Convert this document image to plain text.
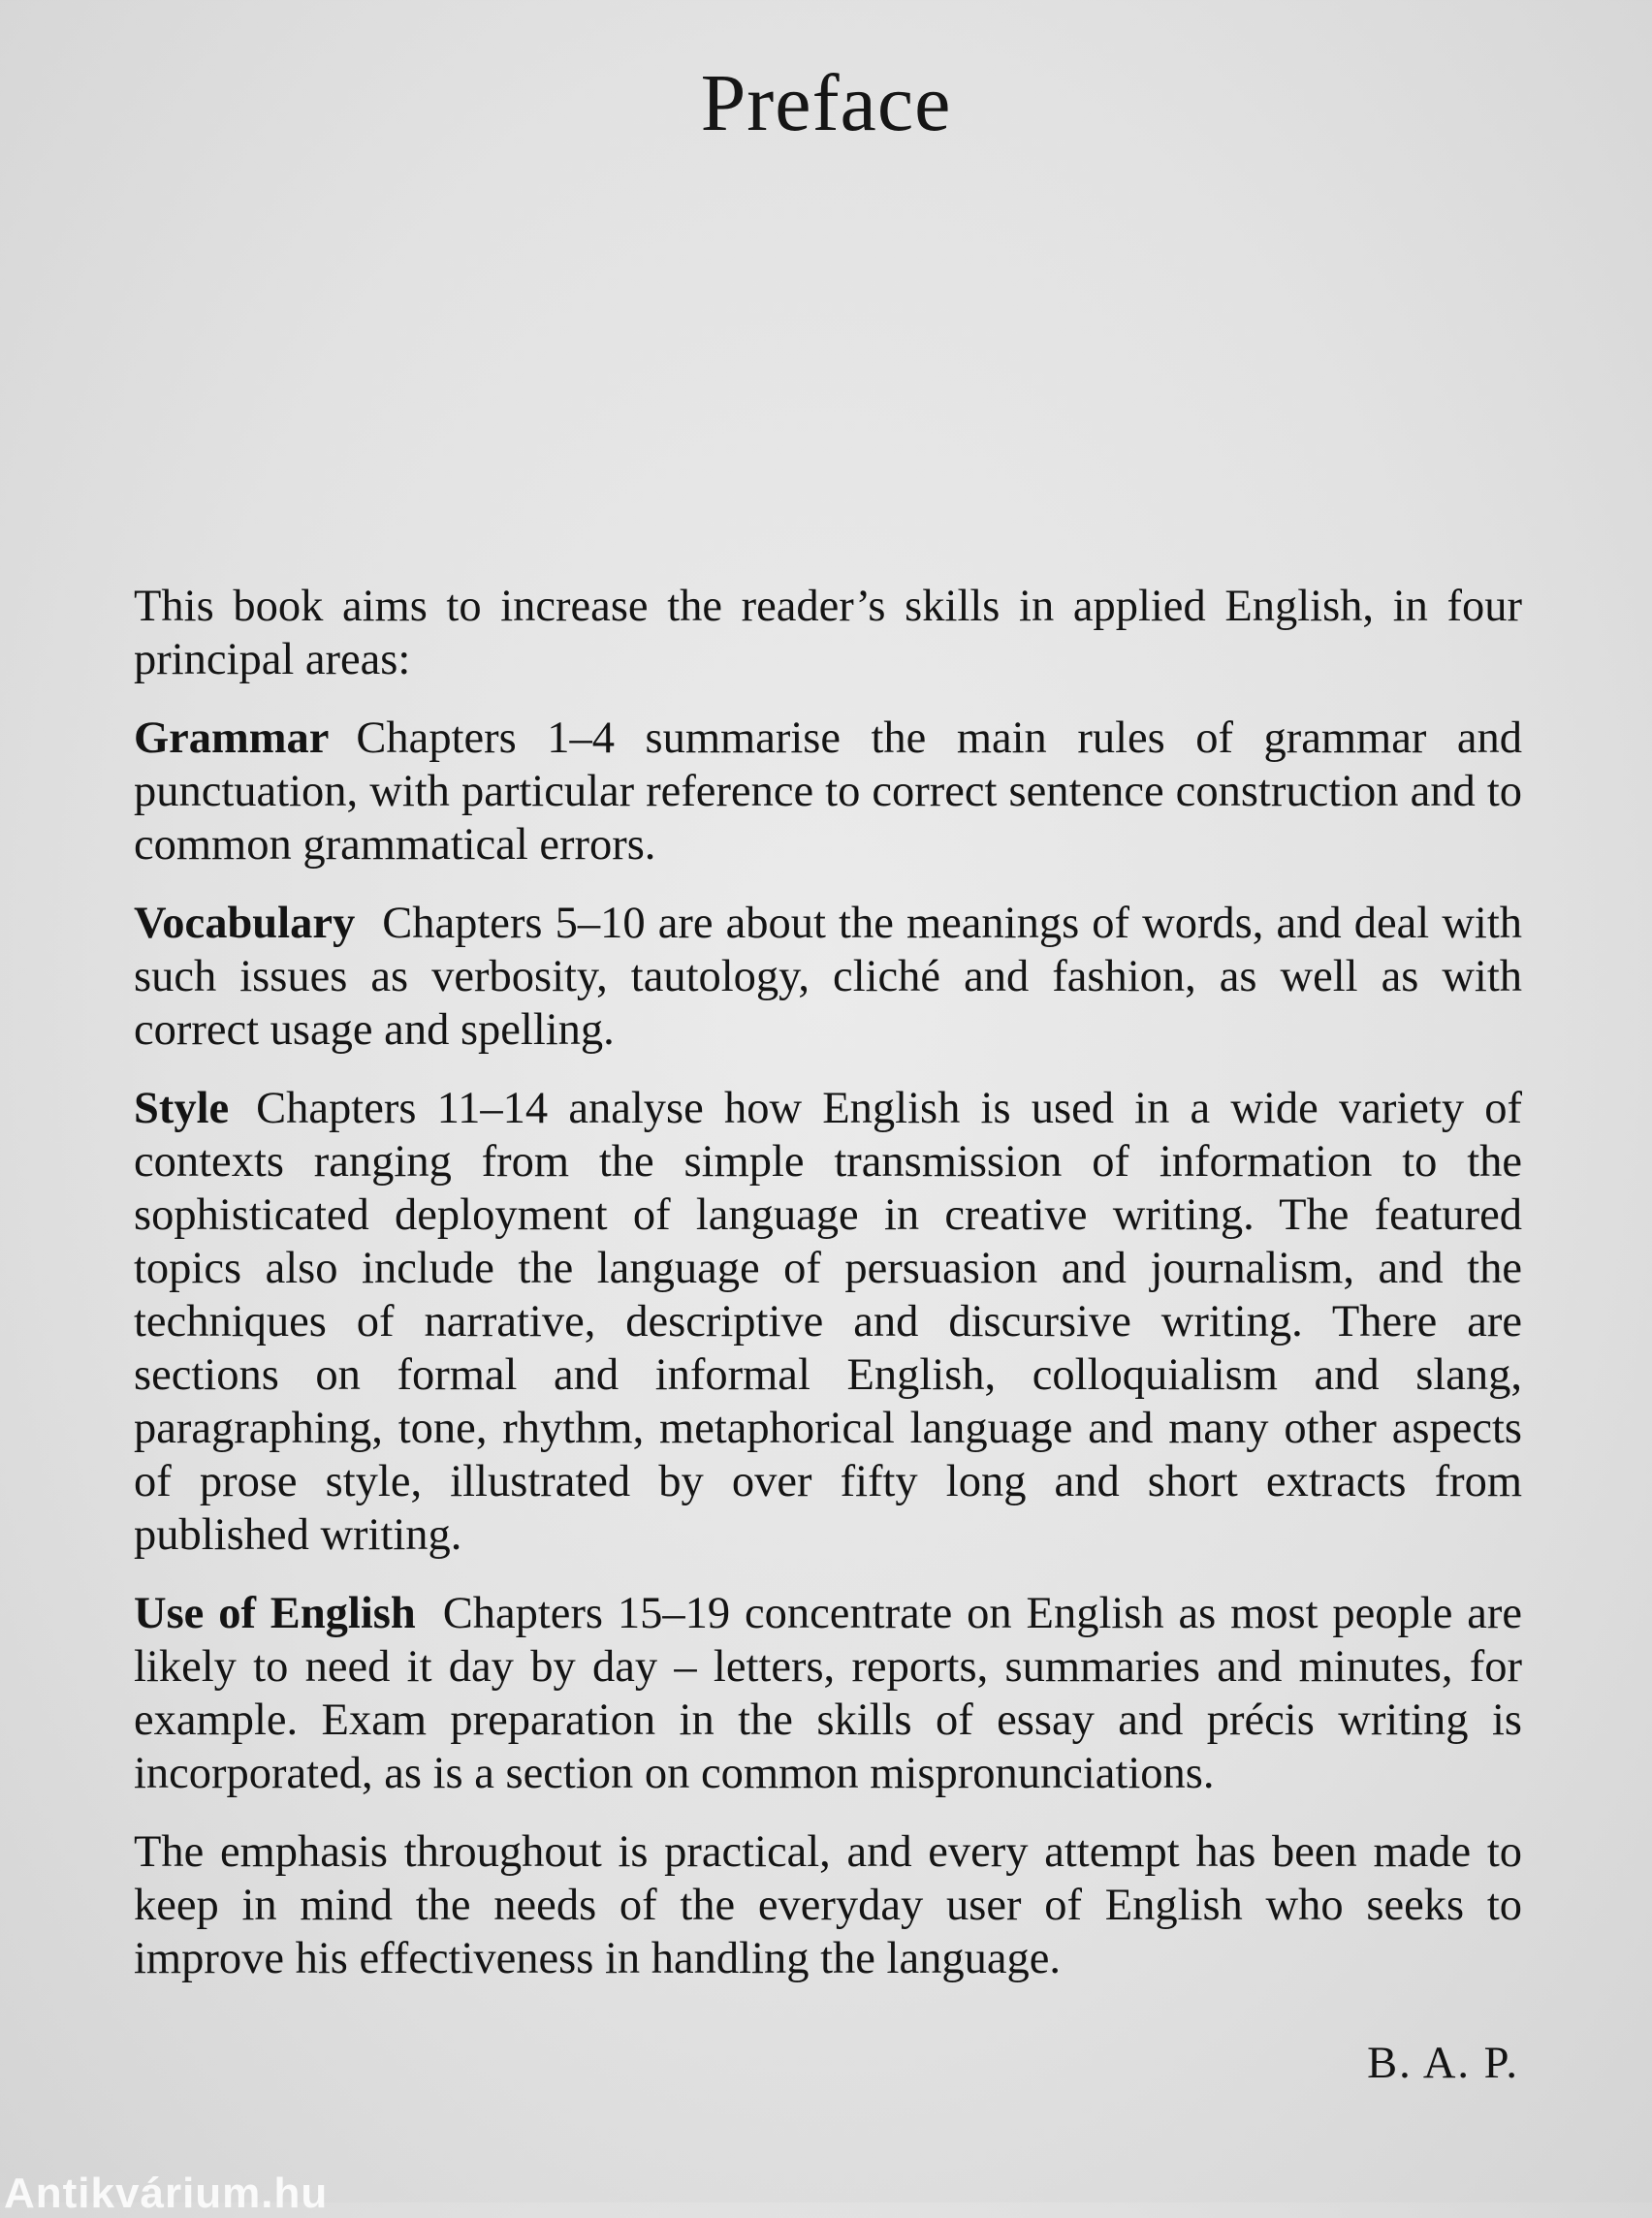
Preface

This book aims to increase the reader’s skills in applied English, in four principal areas:

Grammar Chapters 1–4 summarise the main rules of grammar and punctuation, with particular reference to correct sentence construction and to common grammatical errors.

Vocabulary Chapters 5–10 are about the meanings of words, and deal with such issues as verbosity, tautology, cliché and fashion, as well as with correct usage and spelling.

Style Chapters 11–14 analyse how English is used in a wide variety of contexts ranging from the simple transmission of information to the sophisticated deployment of language in creative writing. The featured topics also include the language of persuasion and journalism, and the techniques of narrative, descriptive and discursive writing. There are sections on formal and informal English, colloquialism and slang, paragraphing, tone, rhythm, metaphorical language and many other aspects of prose style, illustrated by over fifty long and short extracts from published writing.

Use of English Chapters 15–19 concentrate on English as most people are likely to need it day by day – letters, reports, summaries and minutes, for example. Exam preparation in the skills of essay and précis writing is incorporated, as is a section on common mispronunciations.

The emphasis throughout is practical, and every attempt has been made to keep in mind the needs of the everyday user of English who seeks to improve his effectiveness in handling the language.

B. A. P.
Antikvárium.hu
